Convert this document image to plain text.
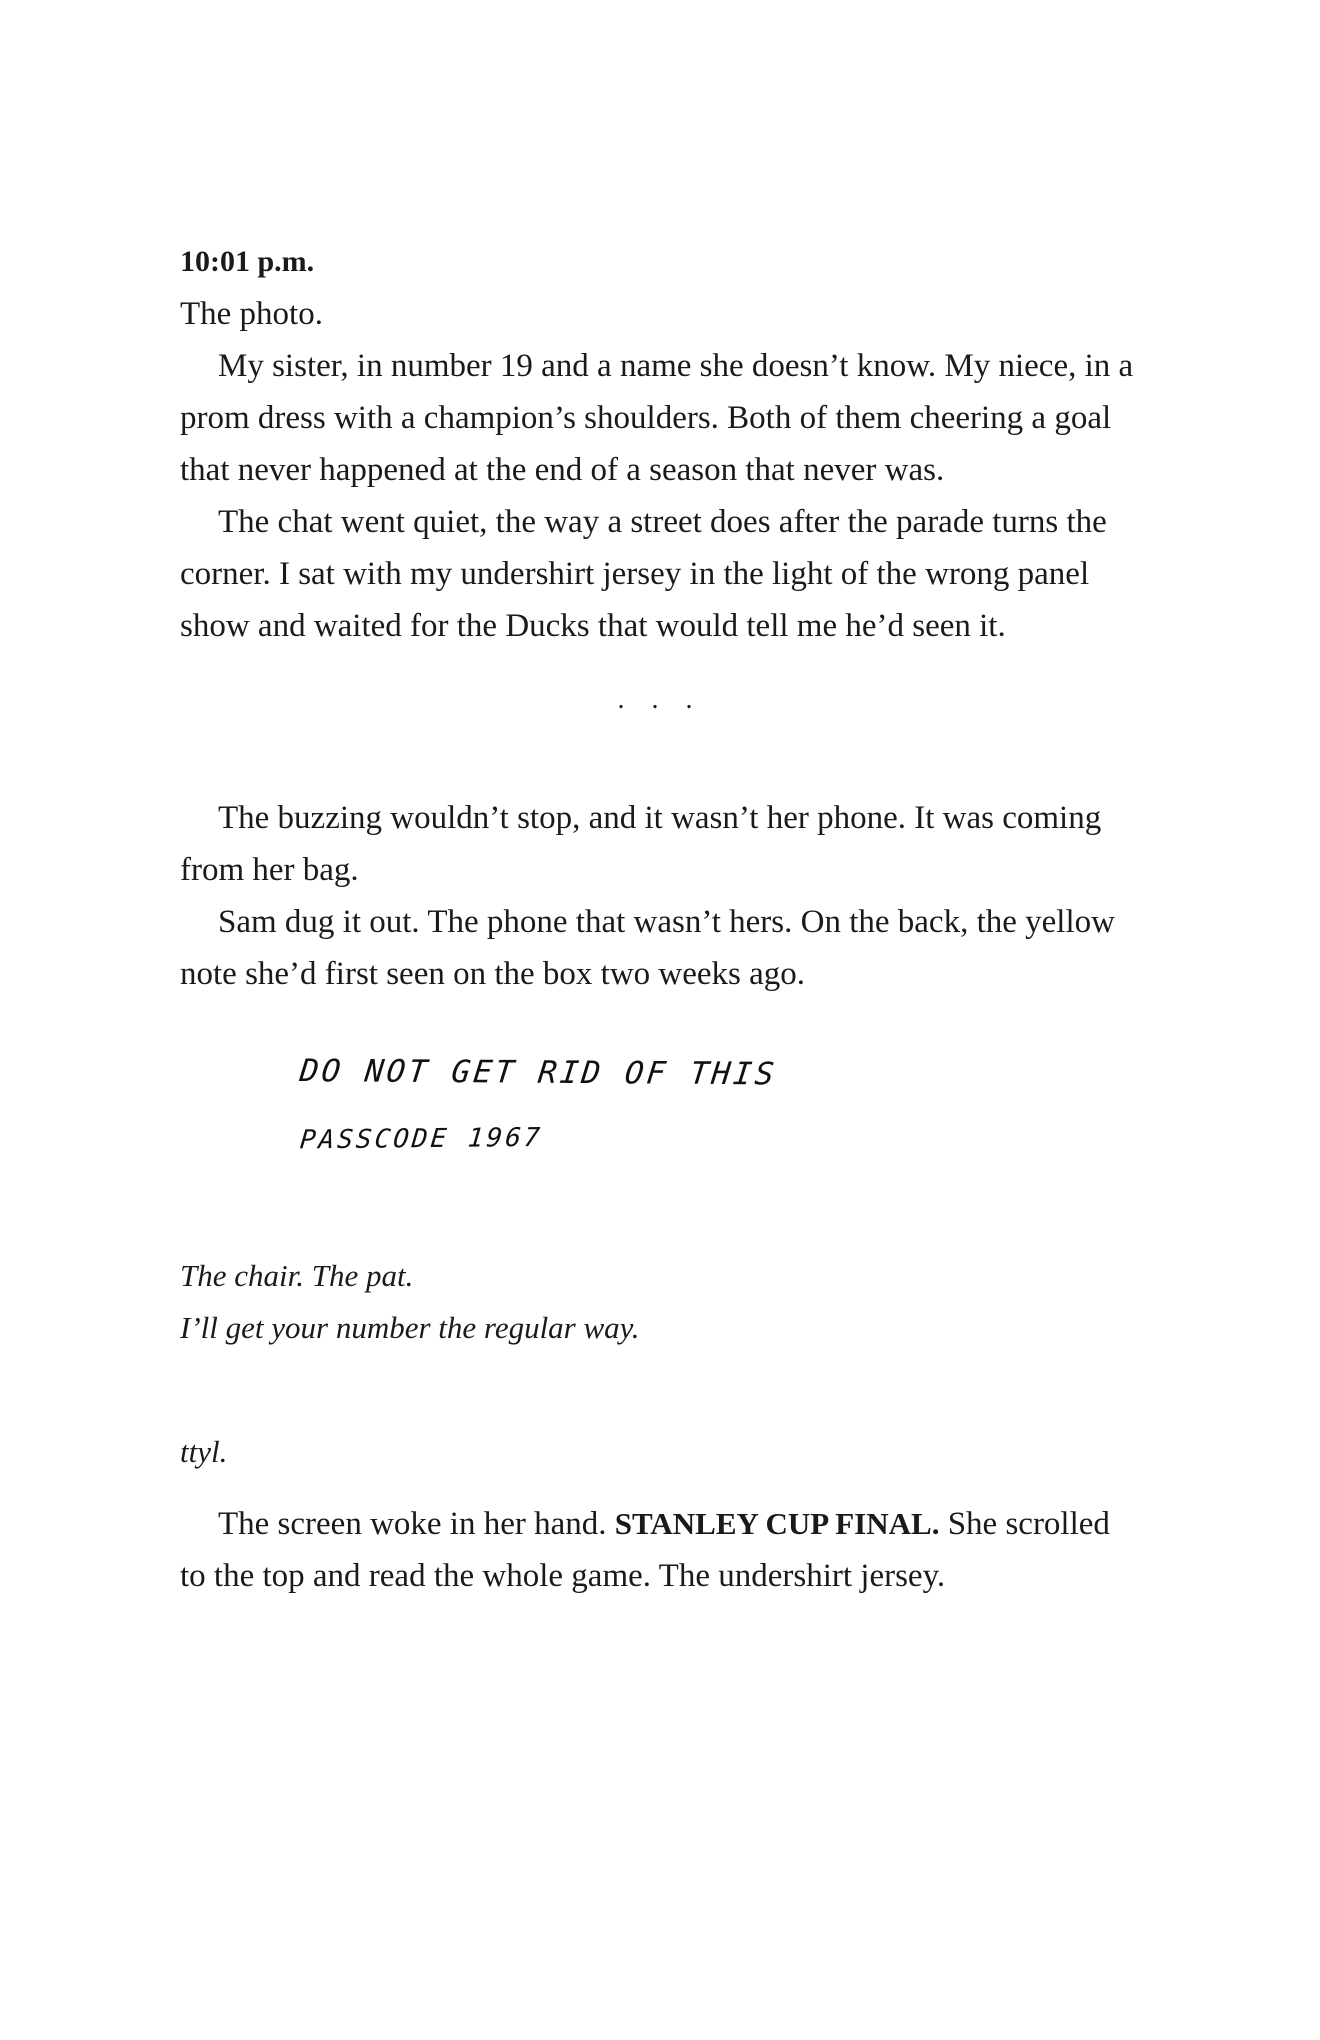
10:01 p.m.

The photo.

My sister, in number 19 and a name she doesn’t know. My niece, in a prom dress with a champion’s shoulders. Both of them cheering a goal that never happened at the end of a season that never was.

The chat went quiet, the way a street does after the parade turns the corner. I sat with my undershirt jersey in the light of the wrong panel show and waited for the Ducks that would tell me he’d seen it.

. . .

The buzzing wouldn’t stop, and it wasn’t her phone. It was coming from her bag.

Sam dug it out. The phone that wasn’t hers. On the back, the yellow note she’d first seen on the box two weeks ago.

DO NOT GET RID OF THIS
PASSCODE 1967

The chair. The pat.

I’ll get your number the regular way.

ttyl.

The screen woke in her hand. STANLEY CUP FINAL. She scrolled to the top and read the whole game. The undershirt jersey.
